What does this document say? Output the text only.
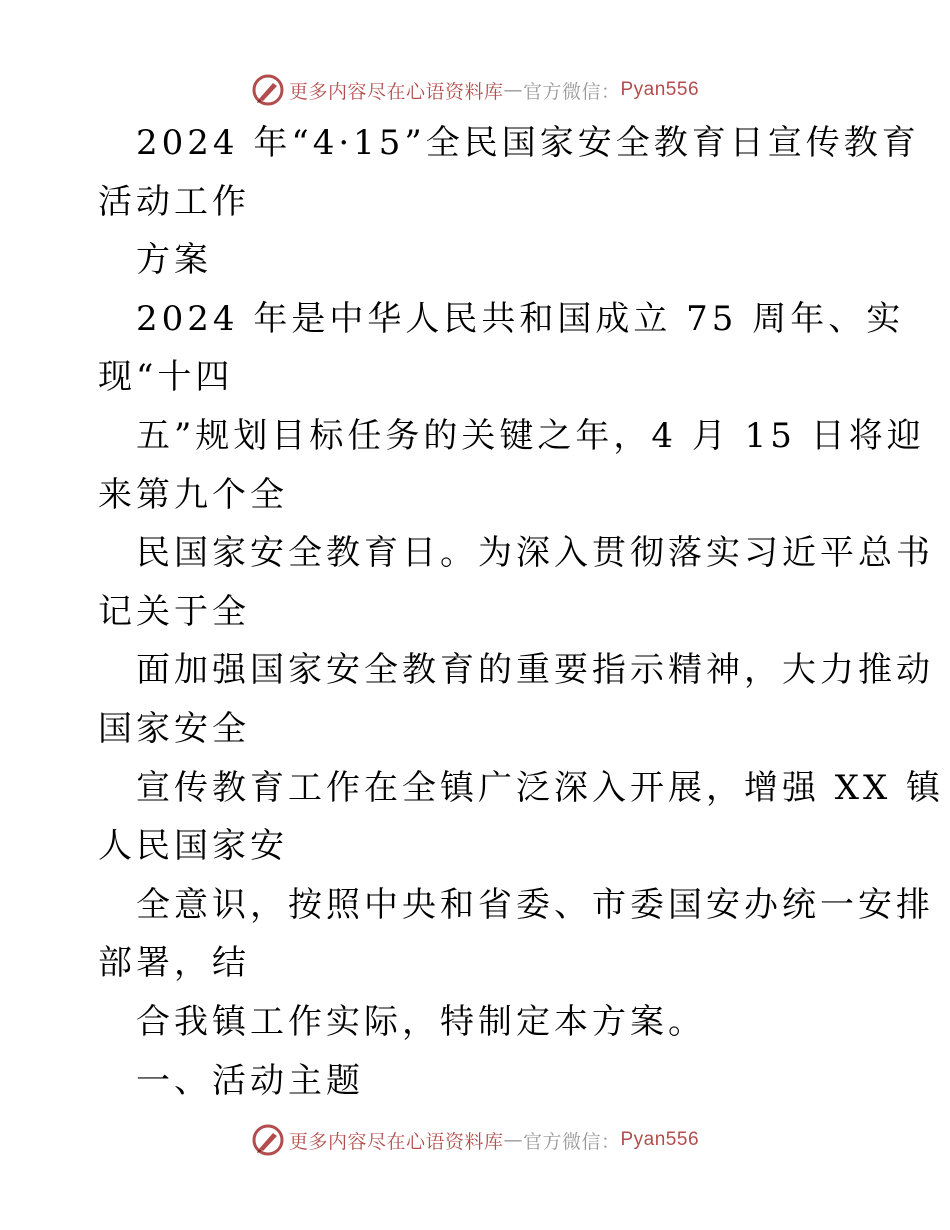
更多内容尽在心语资料库 — 官方微信： Pyan556
2024 年“4·15”全民国家安全教育日宣传教育
活动工作
方案
2024 年是中华人民共和国成立 75 周年、实
现“十四
五”规划目标任务的关键之年，4 月 15 日将迎
来第九个全
民国家安全教育日。为深入贯彻落实习近平总书
记关于全
面加强国家安全教育的重要指示精神，大力推动
国家安全
宣传教育工作在全镇广泛深入开展，增强 XX 镇
人民国家安
全意识，按照中央和省委、市委国安办统一安排
部署，结
合我镇工作实际，特制定本方案。
一、活动主题
更多内容尽在心语资料库 — 官方微信： Pyan556
